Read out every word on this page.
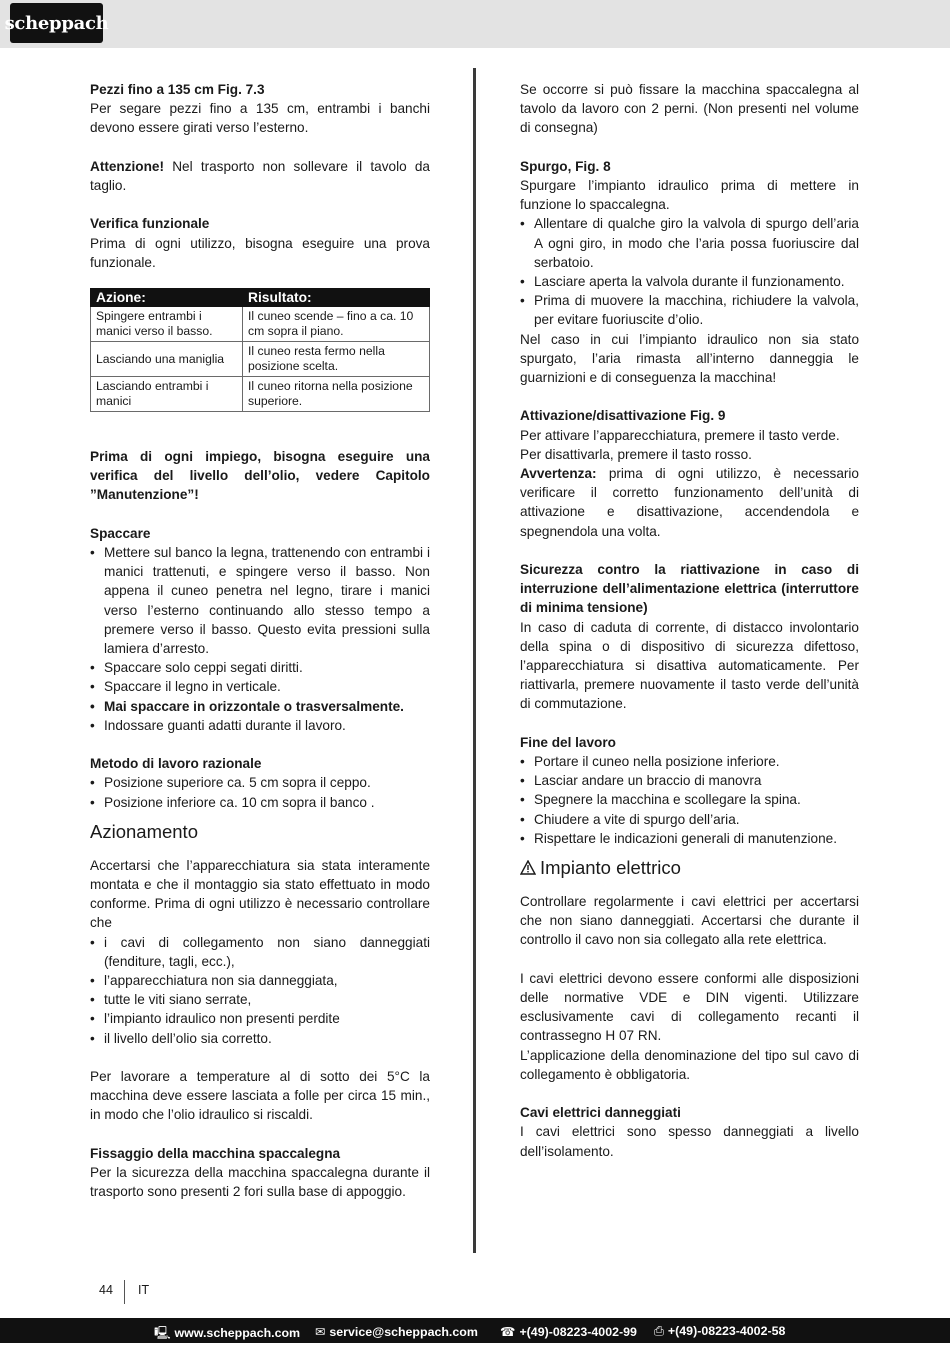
scheppach

Pezzi fino a 135 cm Fig. 7.3

Per segare pezzi fino a 135 cm, entrambi i banchi devono essere girati verso l’esterno.

Attenzione! Nel trasporto non sollevare il tavolo da taglio.

Verifica funzionale

Prima di ogni utilizzo, bisogna eseguire una prova funzionale.

Azione:	Risultato:
Spingere entrambi i manici verso il basso.	Il cuneo scende – fino a ca. 10 cm sopra il piano.
Lasciando una maniglia	Il cuneo resta fermo nella posizione scelta.
Lasciando entrambi i manici	Il cuneo ritorna nella posizione superiore.

Prima di ogni impiego, bisogna eseguire una verifica del livello dell’olio, vedere Capitolo ”Manutenzione”!

Spaccare

• Mettere sul banco la legna, trattenendo con entrambi i manici trattenuti, e spingere verso il basso. Non appena il cuneo penetra nel legno, tirare i manici verso l’esterno continuando allo stesso tempo a premere verso il basso. Questo evita pressioni sulla lamiera d’arresto.
• Spaccare solo ceppi segati diritti.
• Spaccare il legno in verticale.
• Mai spaccare in orizzontale o trasversalmente.
• Indossare guanti adatti durante il lavoro.

Metodo di lavoro razionale

• Posizione superiore ca. 5 cm sopra il ceppo.
• Posizione inferiore ca. 10 cm sopra il banco .
Azionamento

Accertarsi che l’apparecchiatura sia stata interamente montata e che il montaggio sia stato effettuato in modo conforme. Prima di ogni utilizzo è necessario controllare che

• i cavi di collegamento non siano danneggiati (fenditure, tagli, ecc.),
• l’apparecchiatura non sia danneggiata,
• tutte le viti siano serrate,
• l’impianto idraulico non presenti perdite
• il livello dell’olio sia corretto.

Per lavorare a temperature al di sotto dei 5°C la macchina deve essere lasciata a folle per circa 15 min., in modo che l’olio idraulico si riscaldi.

Fissaggio della macchina spaccalegna

Per la sicurezza della macchina spaccalegna durante il trasporto sono presenti 2 fori sulla base di appoggio.

Se occorre si può fissare la macchina spaccalegna al tavolo da lavoro con 2 perni. (Non presenti nel volume di consegna)

Spurgo, Fig. 8

Spurgare l’impianto idraulico prima di mettere in funzione lo spaccalegna.

• Allentare di qualche giro la valvola di spurgo dell’aria A ogni giro, in modo che l’aria possa fuoriuscire dal serbatoio.
• Lasciare aperta la valvola durante il funzionamento.
• Prima di muovere la macchina, richiudere la valvola, per evitare fuoriuscite d’olio.

Nel caso in cui l’impianto idraulico non sia stato spurgato, l’aria rimasta all’interno danneggia le guarnizioni e di conseguenza la macchina!

Attivazione/disattivazione Fig. 9

Per attivare l’apparecchiatura, premere il tasto verde.

Per disattivarla, premere il tasto rosso.

Avvertenza: prima di ogni utilizzo, è necessario verificare il corretto funzionamento dell’unità di attivazione e disattivazione, accendendola e spegnendola una volta.

Sicurezza contro la riattivazione in caso di interruzione dell’alimentazione elettrica (interruttore di minima tensione)

In caso di caduta di corrente, di distacco involontario della spina o di dispositivo di sicurezza difettoso, l’apparecchiatura si disattiva automaticamente. Per riattivarla, premere nuovamente il tasto verde dell’unità di commutazione.

Fine del lavoro

• Portare il cuneo nella posizione inferiore.
• Lasciar andare un braccio di manovra
• Spegnere la macchina e scollegare la spina.
• Chiudere a vite di spurgo dell’aria.
• Rispettare le indicazioni generali di manutenzione.
Impianto elettrico

Controllare regolarmente i cavi elettrici per accertarsi che non siano danneggiati. Accertarsi che durante il controllo il cavo non sia collegato alla rete elettrica.

I cavi elettrici devono essere conformi alle disposizioni delle normative VDE e DIN vigenti. Utilizzare esclusivamente cavi di collegamento recanti il contrassegno H 07 RN.

L’applicazione della denominazione del tipo sul cavo di collegamento è obbligatoria.

Cavi elettrici danneggiati

I cavi elettrici sono spesso danneggiati a livello dell’isolamento.

44 IT
🖳 www.scheppach.com ✉ service@scheppach.com ☎ +(49)-08223-4002-99 ⎙ +(49)-08223-4002-58
